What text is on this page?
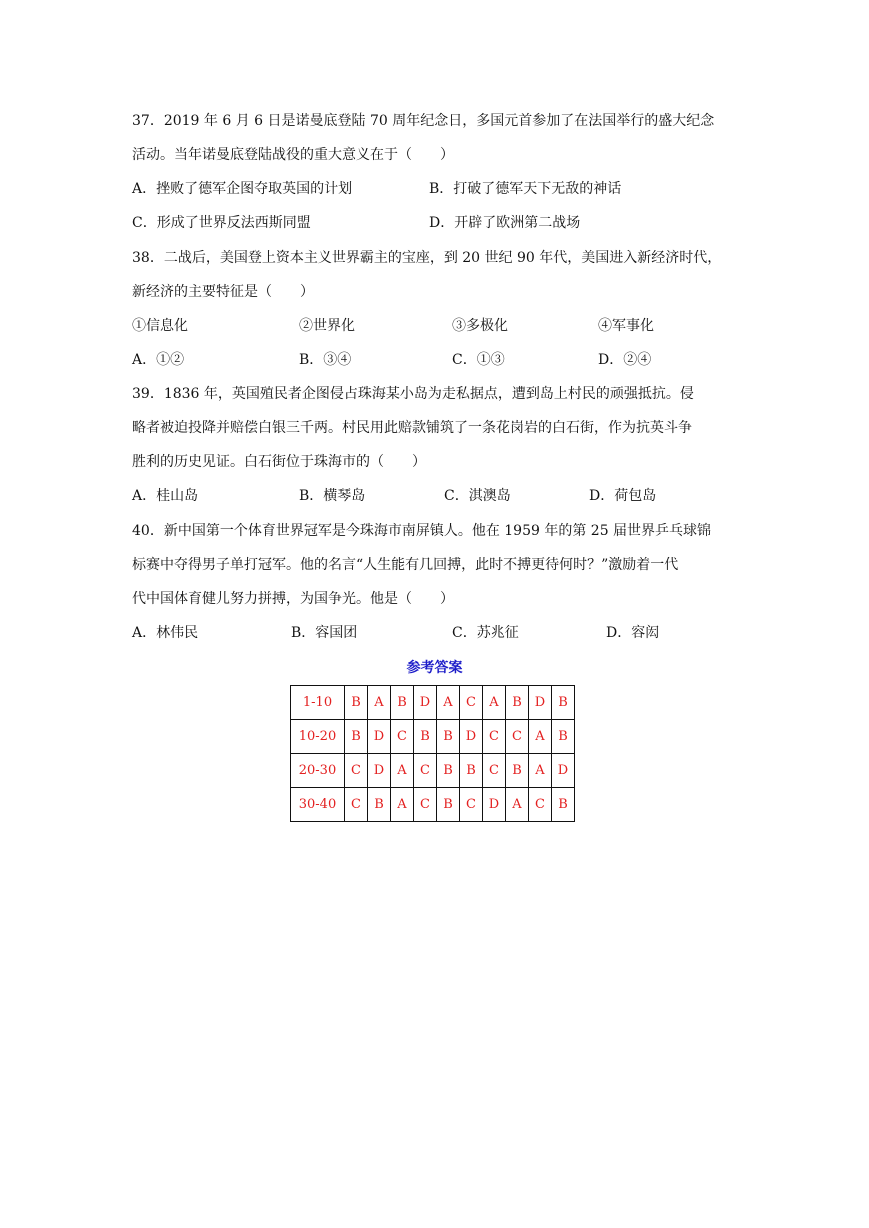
37．2019 年 6 月 6 日是诺曼底登陆 70 周年纪念日，多国元首参加了在法国举行的盛大纪念
活动。当年诺曼底登陆战役的重大意义在于（　　）
A．挫败了德军企图夺取英国的计划	B．打破了德军天下无敌的神话
C．形成了世界反法西斯同盟	D．开辟了欧洲第二战场
38．二战后，美国登上资本主义世界霸主的宝座，到 20 世纪 90 年代，美国进入新经济时代，
新经济的主要特征是（　　）
①信息化	②世界化	③多极化	④军事化
A．①②	B．③④	C．①③	D．②④
39．1836 年，英国殖民者企图侵占珠海某小岛为走私据点，遭到岛上村民的顽强抵抗。侵
略者被迫投降并赔偿白银三千两。村民用此赔款铺筑了一条花岗岩的白石街，作为抗英斗争
胜利的历史见证。白石街位于珠海市的（　　）
A．桂山岛	B．横琴岛	C．淇澳岛	D．荷包岛
40．新中国第一个体育世界冠军是今珠海市南屏镇人。他在 1959 年的第 25 届世界乒乓球锦
标赛中夺得男子单打冠军。他的名言“人生能有几回搏，此时不搏更待何时？”激励着一代
代中国体育健儿努力拼搏，为国争光。他是（　　）
A．林伟民	B．容国团	C．苏兆征	D．容闳
参考答案
1-10	B	A	B	D	A	C	A	B	D	B
10-20	B	D	C	B	B	D	C	C	A	B
20-30	C	D	A	C	B	B	C	B	A	D
30-40	C	B	A	C	B	C	D	A	C	B
